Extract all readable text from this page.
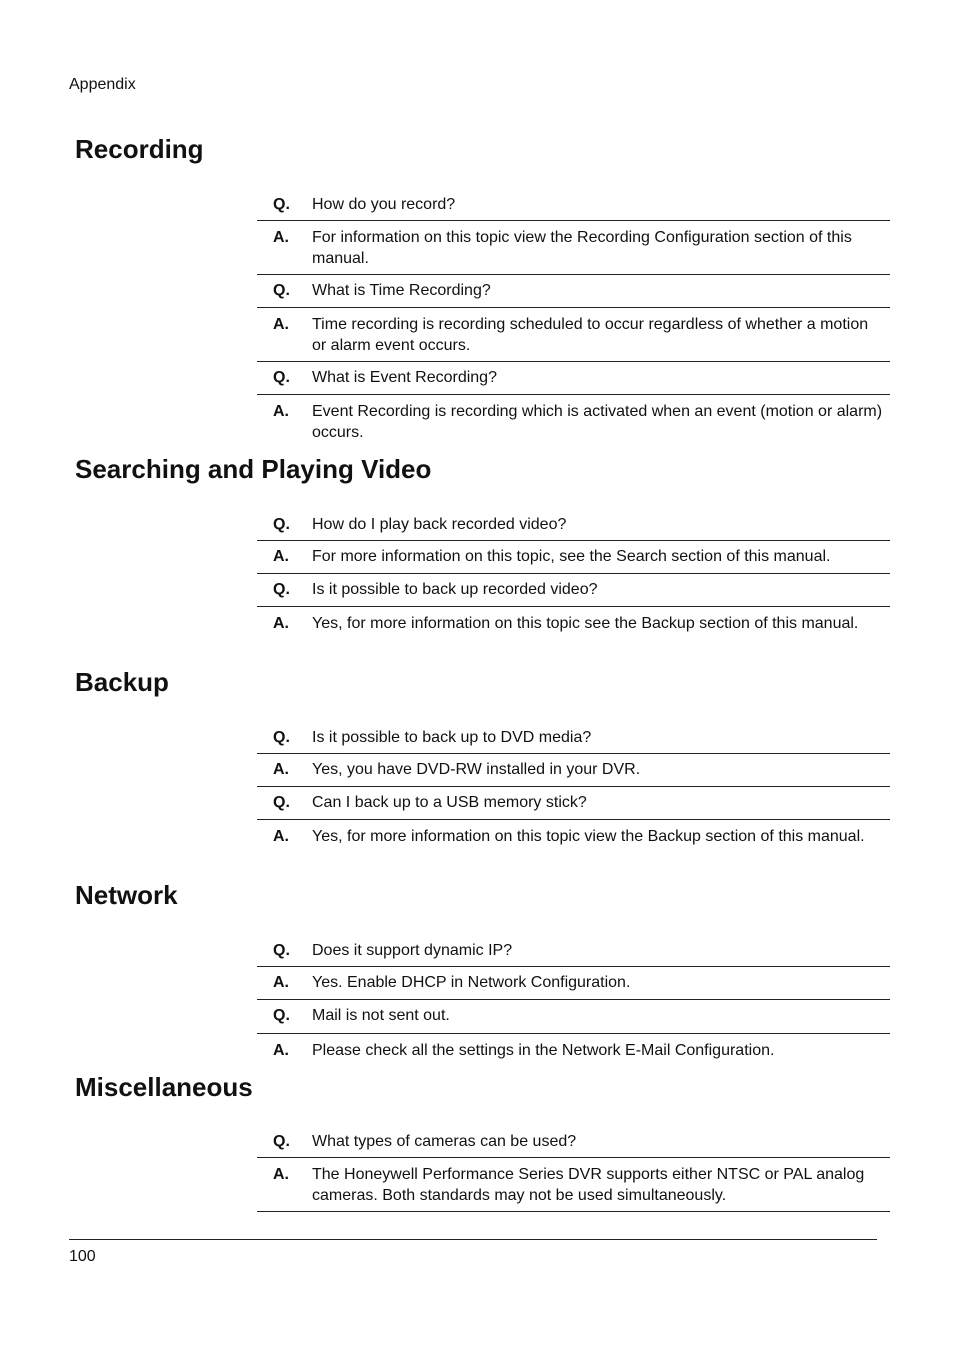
Appendix

Recording
Q.	How do you record?
A.	For information on this topic view the Recording Configuration section of this manual.
Q.	What is Time Recording?
A.	Time recording is recording scheduled to occur regardless of whether a motion or alarm event occurs.
Q.	What is Event Recording?
A.	Event Recording is recording which is activated when an event (motion or alarm) occurs.
Searching and Playing Video
Q.	How do I play back recorded video?
A.	For more information on this topic, see the Search section of this manual.
Q.	Is it possible to back up recorded video?
A.	Yes, for more information on this topic see the Backup section of this manual.
Backup
Q.	Is it possible to back up to DVD media?
A.	Yes, you have DVD-RW installed in your DVR.
Q.	Can I back up to a USB memory stick?
A.	Yes, for more information on this topic view the Backup section of this manual.
Network
Q.	Does it support dynamic IP?
A.	Yes. Enable DHCP in Network Configuration.
Q.	Mail is not sent out.
A.	Please check all the settings in the Network E-Mail Configuration.
Miscellaneous
Q.	What types of cameras can be used?
A.	The Honeywell Performance Series DVR supports either NTSC or PAL analog cameras. Both standards may not be used simultaneously.

100
